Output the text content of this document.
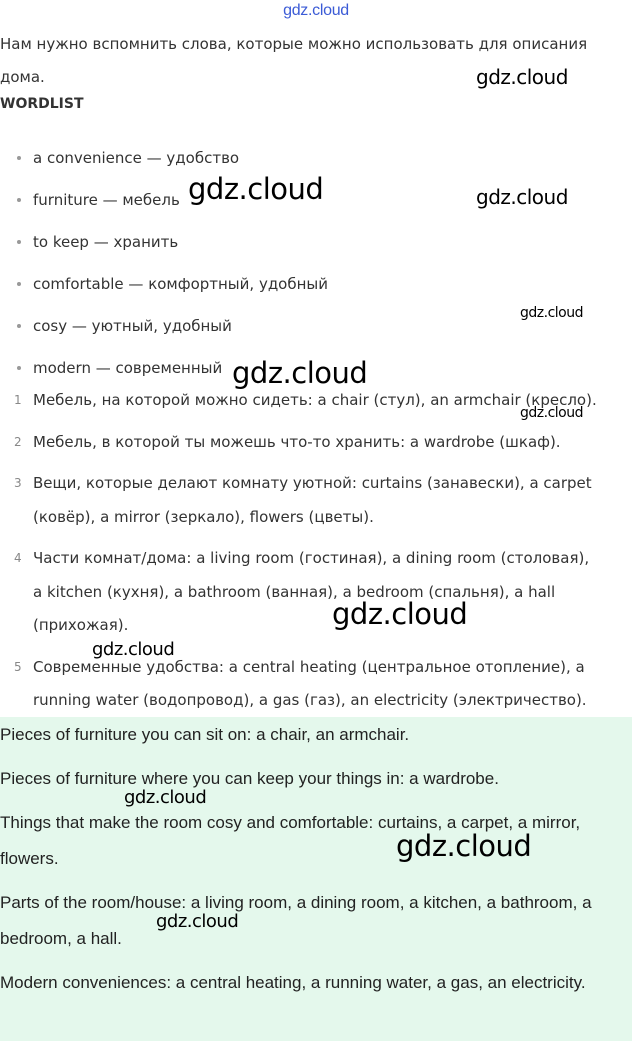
gdz.cloud
Нам нужно вспомнить слова, которые можно использовать для описания дома.
WORDLIST
a convenience — удобство
furniture — мебель
to keep — хранить
comfortable — комфортный, удобный
cosy — уютный, удобный
modern — современный
1 Мебель, на которой можно сидеть: a chair (стул), an armchair (кресло).
2 Мебель, в которой ты можешь что-то хранить: a wardrobe (шкаф).
3 Вещи, которые делают комнату уютной: curtains (занавески), a carpet (ковёр), a mirror (зеркало), flowers (цветы).
4 Части комнат/дома: a living room (гостиная), a dining room (столовая), a kitchen (кухня), a bathroom (ванная), a bedroom (спальня), a hall (прихожая).
5 Современные удобства: a central heating (центральное отопление), a running water (водопровод), a gas (газ), an electricity (электричество).

Pieces of furniture you can sit on: a chair, an armchair.

Pieces of furniture where you can keep your things in: a wardrobe.

Things that make the room cosy and comfortable: curtains, a carpet, a mirror, flowers.

Parts of the room/house: a living room, a dining room, a kitchen, a bathroom, a bedroom, a hall.

Modern conveniences: a central heating, a running water, a gas, an electricity.

gdz.cloud
gdz.cloud	gdz.cloud
gdz.cloud
gdz.cloud
gdz.cloud
gdz.cloud
gdz.cloud
gdz.cloud
gdz.cloud
gdz.cloud
